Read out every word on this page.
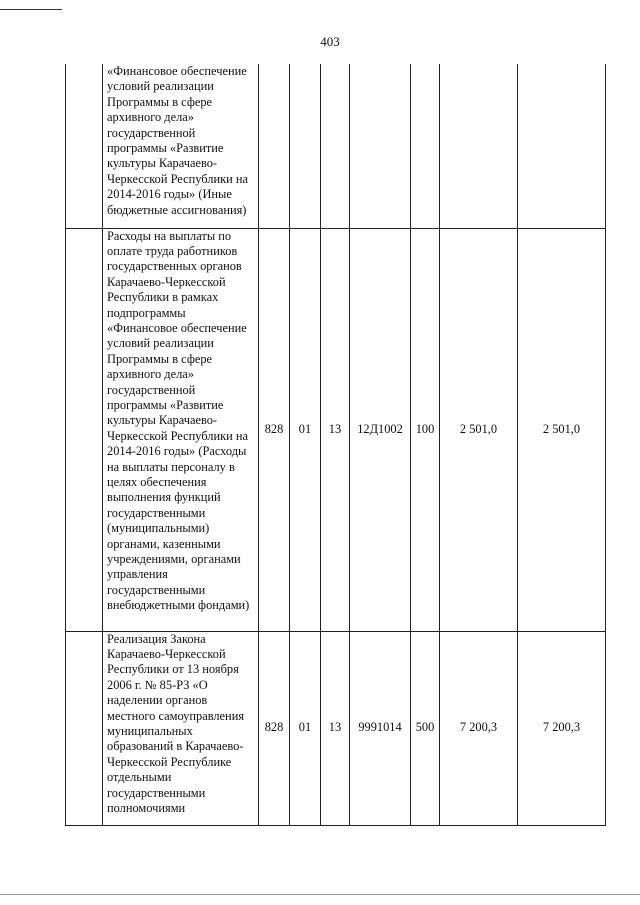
403
	«Финансовое обеспечение условий реализации Программы в сфере архивного дела» государственной программы «Развитие культуры Карачаево-Черкесской Республики на 2014-2016 годы» (Иные бюджетные ассигнования)							
	Расходы на выплаты по оплате труда работников государственных органов Карачаево-Черкесской Республики в рамках подпрограммы «Финансовое обеспечение условий реализации Программы в сфере архивного дела» государственной программы «Развитие культуры Карачаево-Черкесской Республики на 2014-2016 годы» (Расходы на выплаты персоналу в целях обеспечения выполнения функций государственными (муниципальными) органами, казенными учреждениями, органами управления государственными внебюджетными фондами)	828	01	13	12Д1002	100	2 501,0	2 501,0
	Реализация Закона Карачаево-Черкесской Республики от 13 ноября 2006 г. № 85-РЗ «О наделении органов местного самоуправления муниципальных образований в Карачаево-Черкесской Республике отдельными государственными полномочиями	828	01	13	9991014	500	7 200,3	7 200,3
